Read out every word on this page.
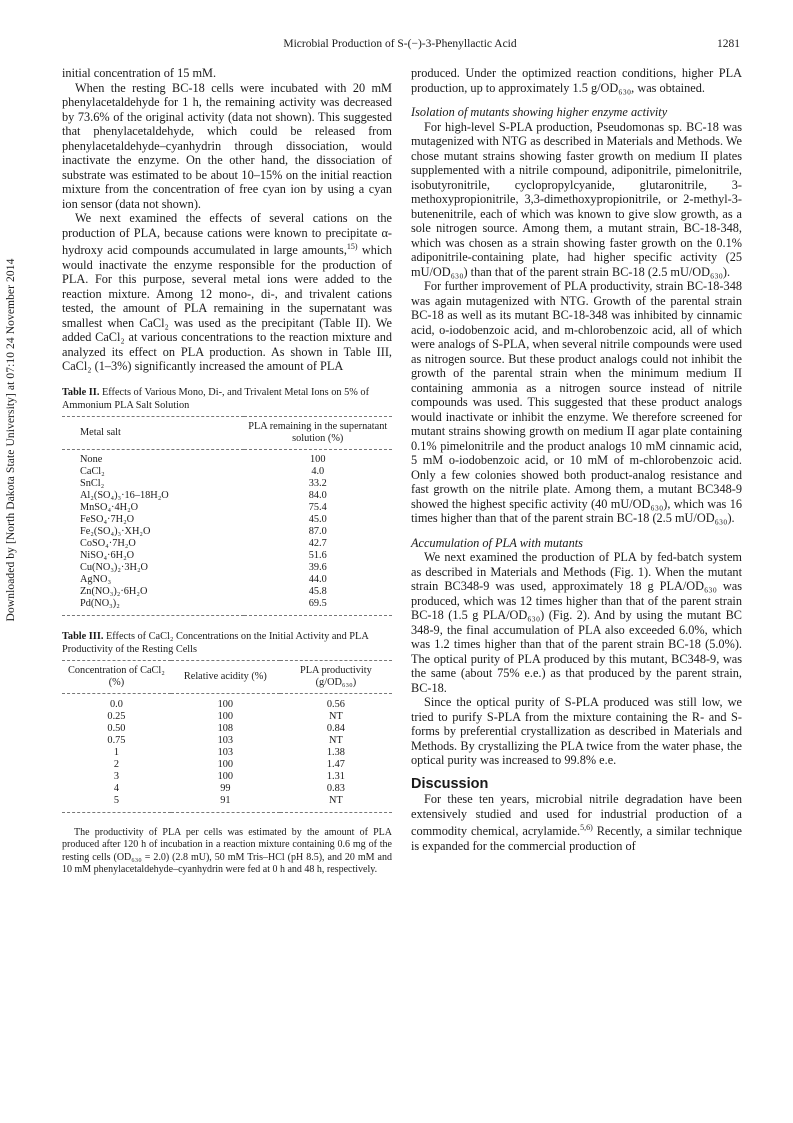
Microbial Production of S-(−)-3-Phenyllactic Acid	1281
Downloaded by [North Dakota State University] at 07:10 24 November 2014

initial concentration of 15 mM.

When the resting BC-18 cells were incubated with 20 mM phenylacetaldehyde for 1 h, the remaining activity was decreased by 73.6% of the original activity (data not shown). This suggested that phenylacetaldehyde, which could be released from phenylacetaldehyde–cyanhydrin through dissociation, would inactivate the enzyme. On the other hand, the dissociation of substrate was estimated to be about 10–15% on the initial reaction mixture from the concentration of free cyan ion by using a cyan ion sensor (data not shown).

We next examined the effects of several cations on the production of PLA, because cations were known to precipitate α-hydroxy acid compounds accumulated in large amounts,$^{15)}$ which would inactivate the enzyme responsible for the production of PLA. For this purpose, several metal ions were added to the reaction mixture. Among 12 mono-, di-, and trivalent cations tested, the amount of PLA remaining in the supernatant was smallest when CaCl₂ was used as the precipitant (Table II). We added CaCl₂ at various concentrations to the reaction mixture and analyzed its effect on PLA production. As shown in Table III, CaCl₂ (1–3%) significantly increased the amount of PLA

Table II. Effects of Various Mono, Di-, and Trivalent Metal Ions on 5% of Ammonium PLA Salt Solution
Metal salt	PLA remaining in the supernatant solution (%)
None	100
CaCl₂	4.0
SnCl₂	33.2
Al₂(SO₄)₃·16–18H₂O	84.0
MnSO₄·4H₂O	75.4
FeSO₄·7H₂O	45.0
Fe₂(SO₄)₃·XH₂O	87.0
CoSO₄·7H₂O	42.7
NiSO₄·6H₂O	51.6
Cu(NO₃)₂·3H₂O	39.6
AgNO₃	44.0
Zn(NO₃)₂·6H₂O	45.8
Pd(NO₃)₂	69.5

Table III. Effects of CaCl₂ Concentrations on the Initial Activity and PLA Productivity of the Resting Cells
Concentration of CaCl₂ (%)	Relative acidity (%)	PLA productivity (g/OD₆₃₀)
0.0	100	0.56
0.25	100	NT
0.50	108	0.84
0.75	103	NT
1	103	1.38
2	100	1.47
3	100	1.31
4	99	0.83
5	91	NT

The productivity of PLA per cells was estimated by the amount of PLA produced after 120 h of incubation in a reaction mixture containing 0.6 mg of the resting cells (OD₆₃₀ = 2.0) (2.8 mU), 50 mM Tris–HCl (pH 8.5), and 20 mM and 10 mM phenylacetaldehyde–cyanhydrin were fed at 0 h and 48 h, respectively.

produced. Under the optimized reaction conditions, higher PLA production, up to approximately 1.5 g/OD₆₃₀, was obtained.

Isolation of mutants showing higher enzyme activity

For high-level S-PLA production, Pseudomonas sp. BC-18 was mutagenized with NTG as described in Materials and Methods. We chose mutant strains showing faster growth on medium II plates supplemented with a nitrile compound, adiponitrile, pimelonitrile, isobutyronitrile, cyclopropylcyanide, glutaronitrile, 3-methoxypropionitrile, 3,3-dimethoxypropionitrile, or 2-methyl-3-butenenitrile, each of which was known to give slow growth, as a sole nitrogen source. Among them, a mutant strain, BC-18-348, which was chosen as a strain showing faster growth on the 0.1% adiponitrile-containing plate, had higher specific activity (25 mU/OD₆₃₀) than that of the parent strain BC-18 (2.5 mU/OD₆₃₀).

For further improvement of PLA productivity, strain BC-18-348 was again mutagenized with NTG. Growth of the parental strain BC-18 as well as its mutant BC-18-348 was inhibited by cinnamic acid, o-iodobenzoic acid, and m-chlorobenzoic acid, all of which were analogs of S-PLA, when several nitrile compounds were used as nitrogen source. But these product analogs could not inhibit the growth of the parental strain when the minimum medium II containing ammonia as a nitrogen source instead of nitrile compounds was used. This suggested that these product analogs would inactivate or inhibit the enzyme. We therefore screened for mutant strains showing growth on medium II agar plate containing 0.1% pimelonitrile and the product analogs 10 mM cinnamic acid, 5 mM o-iodobenzoic acid, or 10 mM of m-chlorobenzoic acid. Only a few colonies showed both product-analog resistance and fast growth on the nitrile plate. Among them, a mutant BC348-9 showed the highest specific activity (40 mU/OD₆₃₀), which was 16 times higher than that of the parent strain BC-18 (2.5 mU/OD₆₃₀).

Accumulation of PLA with mutants

We next examined the production of PLA by fed-batch system as described in Materials and Methods (Fig. 1). When the mutant strain BC348-9 was used, approximately 18 g PLA/OD₆₃₀ was produced, which was 12 times higher than that of the parent strain BC-18 (1.5 g PLA/OD₆₃₀) (Fig. 2). And by using the mutant BC 348-9, the final accumulation of PLA also exceeded 6.0%, which was 1.2 times higher than that of the parent strain BC-18 (5.0%). The optical purity of PLA produced by this mutant, BC348-9, was the same (about 75% e.e.) as that produced by the parent strain, BC-18.

Since the optical purity of S-PLA produced was still low, we tried to purify S-PLA from the mixture containing the R- and S-forms by preferential crystallization as described in Materials and Methods. By crystallizing the PLA twice from the water phase, the optical purity was increased to 99.8% e.e.

Discussion

For these ten years, microbial nitrile degradation have been extensively studied and used for industrial production of a commodity chemical, acrylamide.$^{5,6)}$ Recently, a similar technique is expanded for the commercial production of
